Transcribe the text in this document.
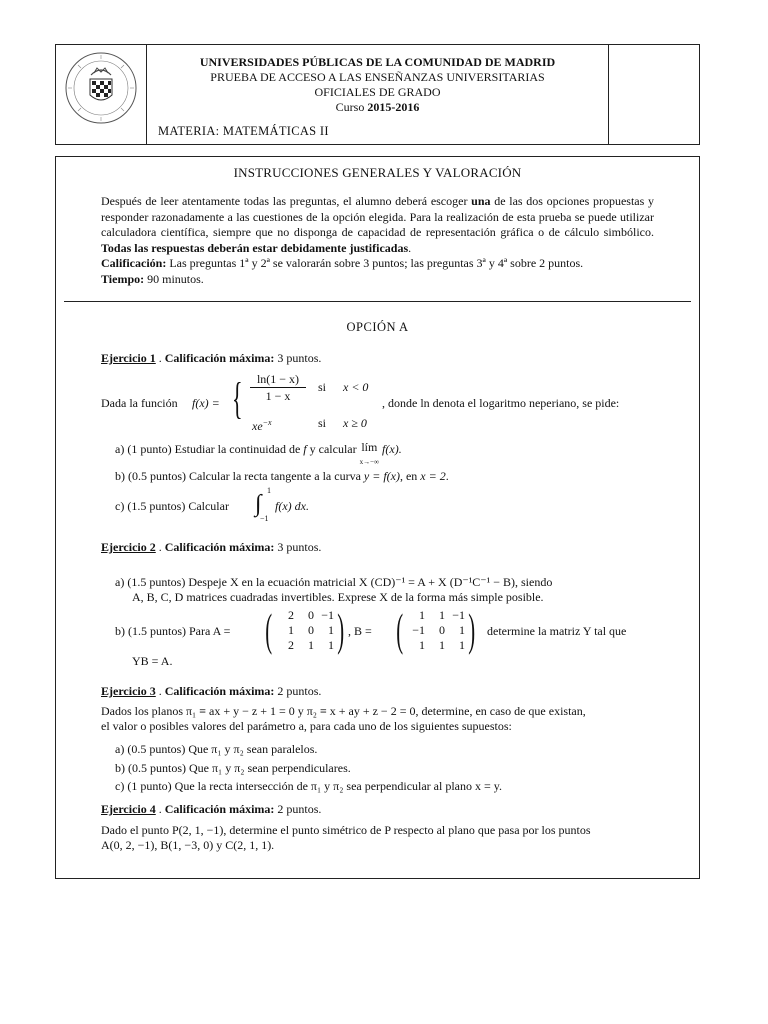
UNIVERSIDADES PÚBLICAS DE LA COMUNIDAD DE MADRID
PRUEBA DE ACCESO A LAS ENSEÑANZAS UNIVERSITARIAS
OFICIALES DE GRADO
Curso 2015-2016
MATERIA: MATEMÁTICAS II
INSTRUCCIONES GENERALES Y VALORACIÓN
Después de leer atentamente todas las preguntas, el alumno deberá escoger una de las dos opciones propuestas y responder razonadamente a las cuestiones de la opción elegida. Para la realización de esta prueba se puede utilizar calculadora científica, siempre que no disponga de capacidad de representación gráfica o de cálculo simbólico. Todas las respuestas deberán estar debidamente justificadas.
Calificación: Las preguntas 1ª y 2ª se valorarán sobre 3 puntos; las preguntas 3ª y 4ª sobre 2 puntos.
Tiempo: 90 minutos.
OPCIÓN A
Ejercicio 1 . Calificación máxima: 3 puntos.
Dada la función f(x) = { $\frac{\ln(1 - x)}{1 - x}$ si x < 0
$xe^{-x}$	si x ≥ 0
, donde ln denota el logaritmo neperiano, se pide:
a) (1 punto) Estudiar la continuidad de f y calcular lím
x→−∞ f(x).
b) (0.5 puntos) Calcular la recta tangente a la curva y = f(x), en x = 2.
c) (1.5 puntos) Calcular ∫
1
−1
f(x) dx.
Ejercicio 2 . Calificación máxima: 3 puntos.
a) (1.5 puntos) Despeje X en la ecuación matricial X (CD)⁻¹ = A + X (D⁻¹C⁻¹ − B), siendo
A, B, C, D matrices cuadradas invertibles. Exprese X de la forma más simple posible.
b) (1.5 puntos) Para A = (	2	0 −1
1	0	1
2	1	1 ) , B = (	1	1 −1
−1	0	1
1	1	1 ) determine la matriz Y tal que
YB = A.
Ejercicio 3 . Calificación máxima: 2 puntos.
Dados los planos π₁ ≡ ax + y − z + 1 = 0 y π₂ ≡ x + ay + z − 2 = 0, determine, en caso de que existan,
el valor o posibles valores del parámetro a, para cada uno de los siguientes supuestos:
a) (0.5 puntos) Que π₁ y π₂ sean paralelos.
b) (0.5 puntos) Que π₁ y π₂ sean perpendiculares.
c) (1 punto) Que la recta intersección de π₁ y π₂ sea perpendicular al plano x = y.
Ejercicio 4 . Calificación máxima: 2 puntos.
Dado el punto P(2, 1, −1), determine el punto simétrico de P respecto al plano que pasa por los puntos
A(0, 2, −1), B(1, −3, 0) y C(2, 1, 1).
